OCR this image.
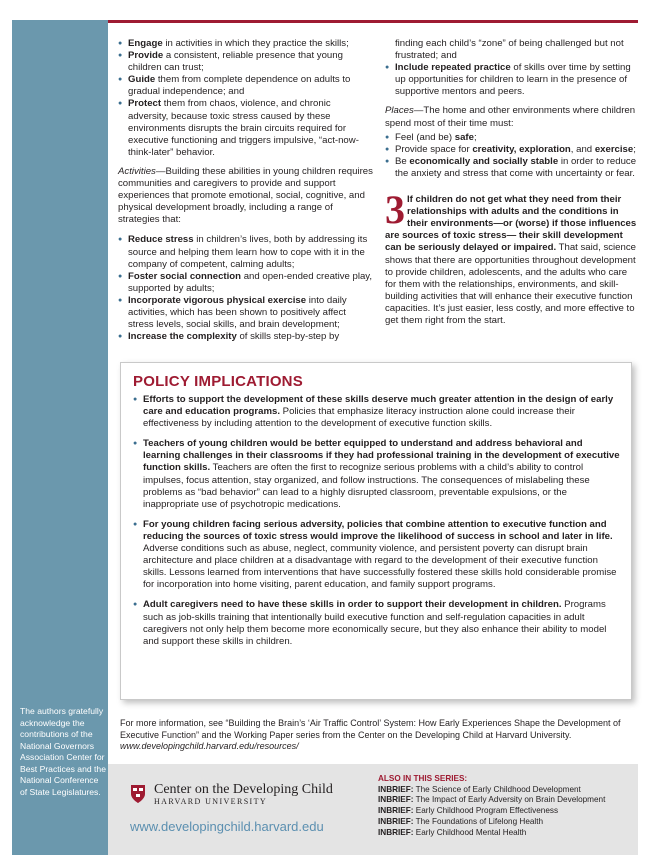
The authors gratefully acknowledge the contributions of the National Governors Association Center for Best Practices and the National Conference of State Legislatures.
● Engage in activities in which they practice the skills;
● Provide a consistent, reliable presence that young children can trust;
● Guide them from complete dependence on adults to gradual independence; and
● Protect them from chaos, violence, and chronic adversity, because toxic stress caused by these environments disrupts the brain circuits required for executive functioning and triggers impulsive, “act-now-think-later” behavior.

Activities—Building these abilities in young children requires communities and caregivers to provide and support experiences that promote emotional, social, cognitive, and physical development broadly, including a range of strategies that:

● Reduce stress in children’s lives, both by addressing its source and helping them learn how to cope with it in the company of competent, calming adults;
● Foster social connection and open-ended creative play, supported by adults;
● Incorporate vigorous physical exercise into daily activities, which has been shown to positively affect stress levels, social skills, and brain development;
● Increase the complexity of skills step-by-step by

finding each child’s “zone” of being challenged but not frustrated; and

● Include repeated practice of skills over time by setting up opportunities for children to learn in the presence of supportive mentors and peers.

Places—The home and other environments where children spend most of their time must:

● Feel (and be) safe;
● Provide space for creativity, exploration, and exercise;
● Be economically and socially stable in order to reduce the anxiety and stress that come with uncertainty or fear.

3 If children do not get what they need from their relationships with adults and the conditions in their environments—or (worse) if those influences are sources of toxic stress— their skill development can be seriously delayed or impaired. That said, science shows that there are opportunities throughout development to provide children, adolescents, and the adults who care for them with the relationships, environments, and skill-building activities that will enhance their executive function capacities. It’s just easier, less costly, and more effective to get them right from the start.

POLICY IMPLICATIONS
● Efforts to support the development of these skills deserve much greater attention in the design of early care and education programs. Policies that emphasize literacy instruction alone could increase their effectiveness by including attention to the development of executive function skills.
● Teachers of young children would be better equipped to understand and address behavioral and learning challenges in their classrooms if they had professional training in the development of executive function skills. Teachers are often the first to recognize serious problems with a child’s ability to control impulses, focus attention, stay organized, and follow instructions. The consequences of mislabeling these problems as “bad behavior” can lead to a highly disrupted classroom, preventable expulsions, or the inappropriate use of psychotropic medications.
● For young children facing serious adversity, policies that combine attention to executive function and reducing the sources of toxic stress would improve the likelihood of success in school and later in life. Adverse conditions such as abuse, neglect, community violence, and persistent poverty can disrupt brain architecture and place children at a disadvantage with regard to the development of their executive function skills. Lessons learned from interventions that have successfully fostered these skills hold considerable promise for incorporation into home visiting, parent education, and family support programs.
● Adult caregivers need to have these skills in order to support their development in children. Programs such as job-skills training that intentionally build executive function and self-regulation capacities in adult caregivers not only help them become more economically secure, but they also enhance their ability to model and support these skills in children.
For more information, see “Building the Brain’s ‘Air Traffic Control’ System: How Early Experiences Shape the Development of Executive Function” and the Working Paper series from the Center on the Developing Child at Harvard University.
www.developingchild.harvard.edu/resources/
Center on the Developing Child
HARVARD UNIVERSITY
www.developingchild.harvard.edu
ALSO IN THIS SERIES:
INBRIEF: The Science of Early Childhood Development
INBRIEF: The Impact of Early Adversity on Brain Development
INBRIEF: Early Childhood Program Effectiveness
INBRIEF: The Foundations of Lifelong Health
INBRIEF: Early Childhood Mental Health
